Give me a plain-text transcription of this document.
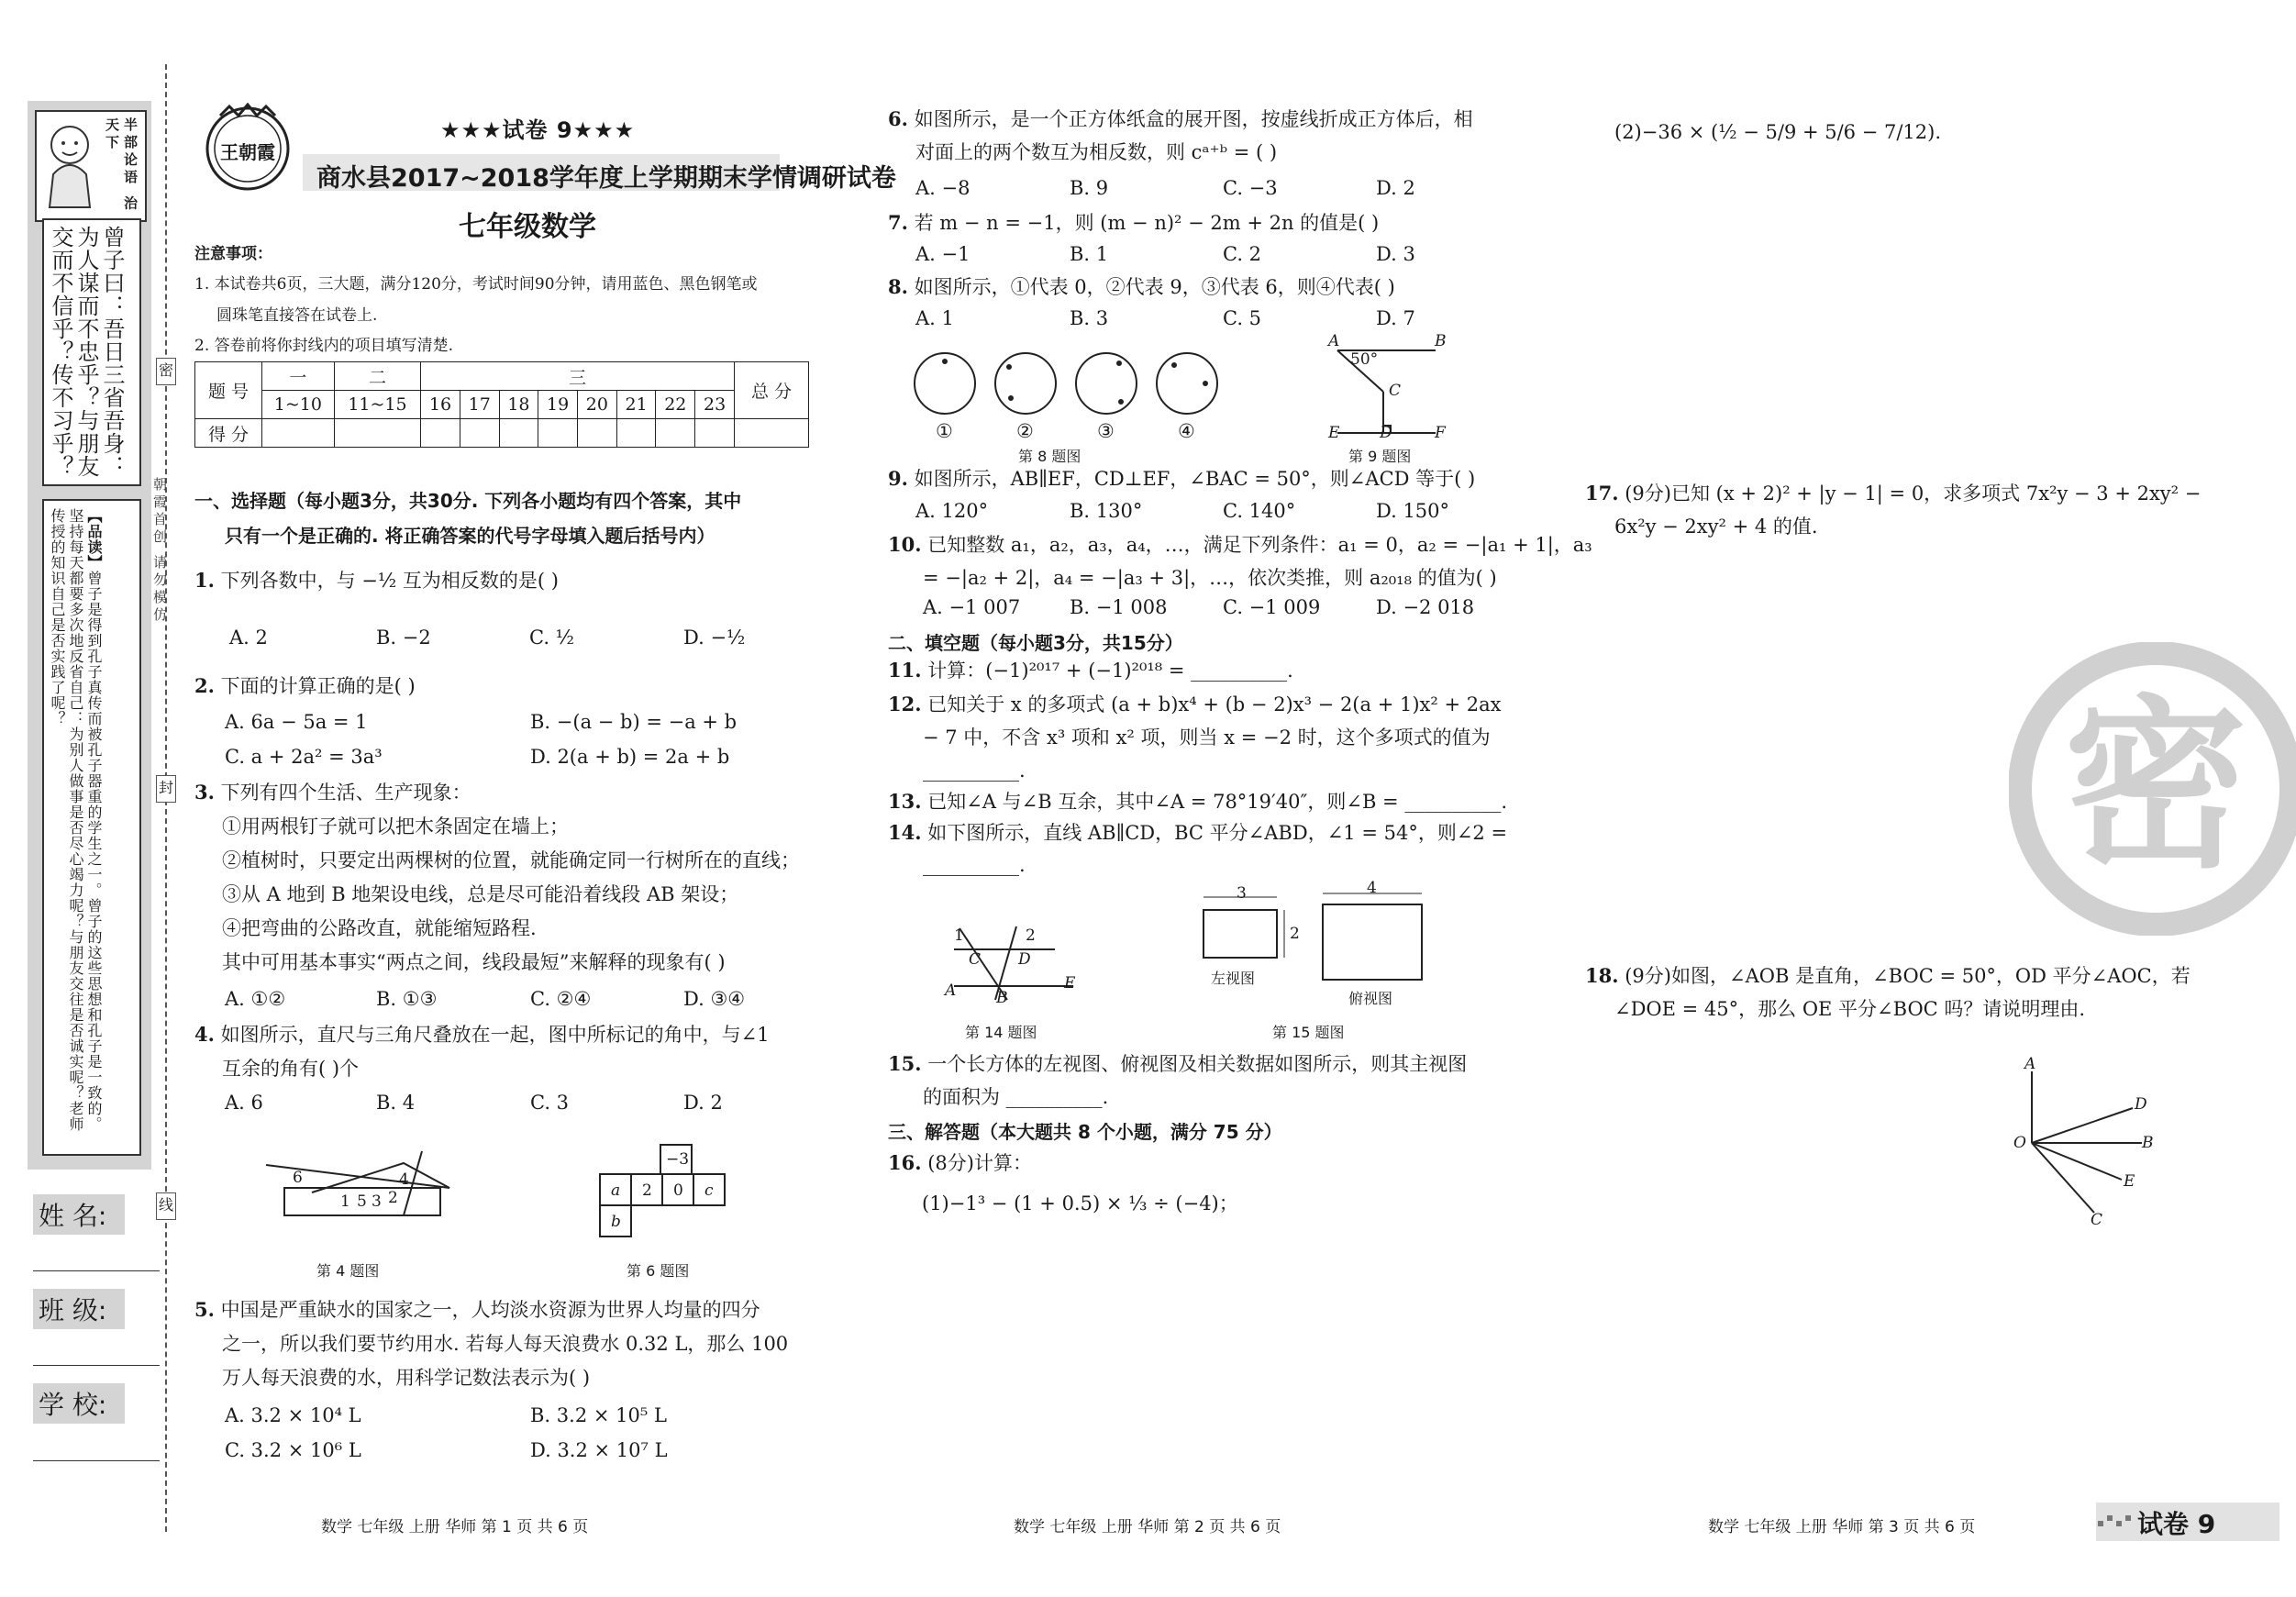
半部论语 治天下
曾子曰：吾日三省吾身：为人谋而不忠乎？与朋友交而不信乎？传不习乎？
【品读】曾子是得到孔子真传而被孔子器重的学生之一。曾子的这些思想和孔子是一致的。坚持每天都要多次地反省自己：为别人做事是否尽心竭力呢？与朋友交往是否诚实呢？老师传授的知识自己是否实践了呢？
密
封
线
朝霞首创 请勿模仿
姓 名:
班 级:
学 校:
王朝霞
★★★试卷 9★★★
商水县2017~2018学年度上学期期末学情调研试卷
七年级数学
注意事项：
1. 本试卷共6页，三大题，满分120分，考试时间90分钟，请用蓝色、黑色钢笔或
圆珠笔直接答在试卷上.
2. 答卷前将你封线内的项目填写清楚.
题 号	一	二	三								总 分
	1~10	11~15	16	17	18	19	20	21	22	23	
得 分											
一、选择题（每小题3分，共30分. 下列各小题均有四个答案，其中
只有一个是正确的. 将正确答案的代号字母填入题后括号内）
1. 下列各数中，与 −½ 互为相反数的是( )
A. 2	B. −2	C. ½	D. −½
2. 下面的计算正确的是( )
A. 6a − 5a = 1	B. −(a − b) = −a + b
C. a + 2a² = 3a³	D. 2(a + b) = 2a + b
3. 下列有四个生活、生产现象：
①用两根钉子就可以把木条固定在墙上；
②植树时，只要定出两棵树的位置，就能确定同一行树所在的直线；
③从 A 地到 B 地架设电线，总是尽可能沿着线段 AB 架设；
④把弯曲的公路改直，就能缩短路程.
其中可用基本事实“两点之间，线段最短”来解释的现象有( )
A. ①②	B. ①③	C. ②④	D. ③④
4. 如图所示，直尺与三角尺叠放在一起，图中所标记的角中，与∠1
互余的角有( )个
A. 6	B. 4	C. 3	D. 2
6	4
1 5 3 2
第 4 题图
−3
a 2 0 c
b
第 6 题图
5. 中国是严重缺水的国家之一，人均淡水资源为世界人均量的四分
之一，所以我们要节约用水. 若每人每天浪费水 0.32 L，那么 100
万人每天浪费的水，用科学记数法表示为( )
A. 3.2 × 10⁴ L	B. 3.2 × 10⁵ L
C. 3.2 × 10⁶ L	D. 3.2 × 10⁷ L
数学 七年级 上册 华师 第 1 页 共 6 页
6. 如图所示，是一个正方体纸盒的展开图，按虚线折成正方体后，相
对面上的两个数互为相反数，则 cᵃ⁺ᵇ = ( )
A. −8	B. 9	C. −3	D. 2
7. 若 m − n = −1，则 (m − n)² − 2m + 2n 的值是( )
A. −1	B. 1	C. 2	D. 3
8. 如图所示，①代表 0，②代表 9，③代表 6，则④代表( )
A. 1	B. 3	C. 5	D. 7
①	②	③	④
第 8 题图
A	B
50°
C
E	D	F
第 9 题图
9. 如图所示，AB∥EF，CD⊥EF，∠BAC = 50°，则∠ACD 等于( )
A. 120°	B. 130°	C. 140°	D. 150°
10. 已知整数 a₁，a₂，a₃，a₄，…，满足下列条件：a₁ = 0，a₂ = −|a₁ + 1|，a₃
= −|a₂ + 2|，a₄ = −|a₃ + 3|，…，依次类推，则 a₂₀₁₈ 的值为( )
A. −1 007	B. −1 008	C. −1 009	D. −2 018
二、填空题（每小题3分，共15分）
11. 计算：(−1)²⁰¹⁷ + (−1)²⁰¹⁸ = __________.
12. 已知关于 x 的多项式 (a + b)x⁴ + (b − 2)x³ − 2(a + 1)x² + 2ax
− 7 中，不含 x³ 项和 x² 项，则当 x = −2 时，这个多项式的值为
__________.
13. 已知∠A 与∠B 互余，其中∠A = 78°19′40″，则∠B = __________.
14. 如下图所示，直线 AB∥CD，BC 平分∠ABD，∠1 = 54°，则∠2 =
__________.
1	2
C D
A	B
E
第 14 题图
3
2
4
左视图
俯视图
第 15 题图
15. 一个长方体的左视图、俯视图及相关数据如图所示，则其主视图
的面积为 __________.
三、解答题（本大题共 8 个小题，满分 75 分）
16. (8分)计算：
(1)−1³ − (1 + 0.5) × ⅓ ÷ (−4)；
数学 七年级 上册 华师 第 2 页 共 6 页
(2)−36 × (½ − 5/9 + 5/6 − 7/12).
17. (9分)已知 (x + 2)² + |y − 1| = 0，求多项式 7x²y − 3 + 2xy² −
6x²y − 2xy² + 4 的值.
密
18. (9分)如图，∠AOB 是直角，∠BOC = 50°，OD 平分∠AOC，若
∠DOE = 45°，那么 OE 平分∠BOC 吗？请说明理由.
A
O	B
D
E
C
数学 七年级 上册 华师 第 3 页 共 6 页	试卷 9
